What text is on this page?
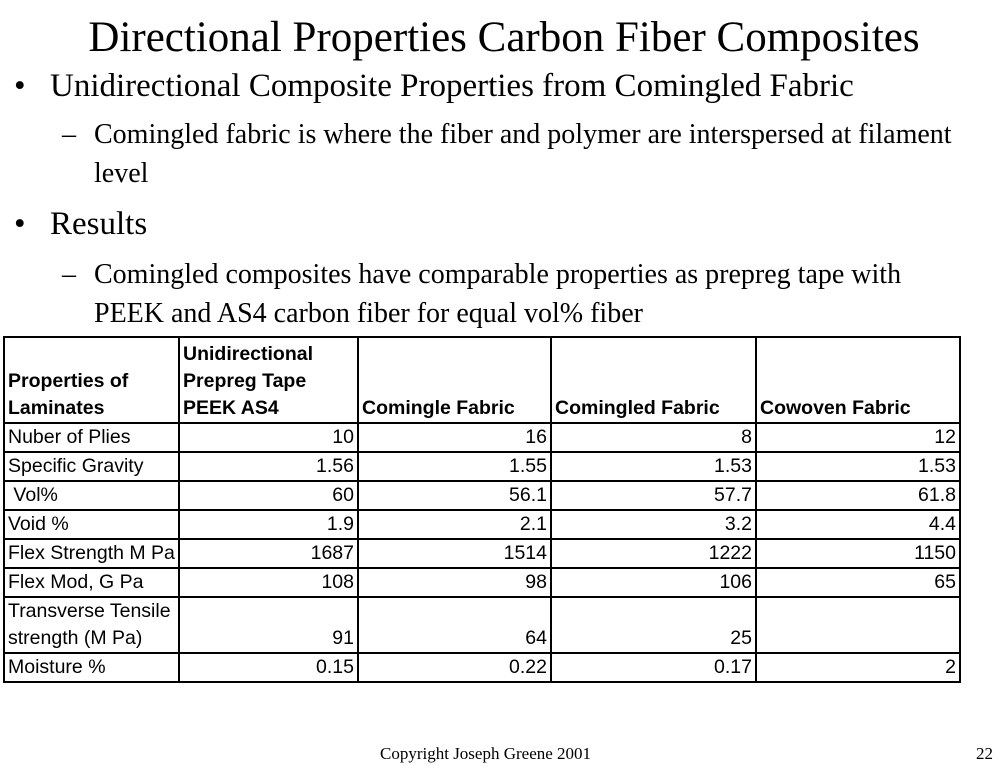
Directional Properties Carbon Fiber Composites
• Unidirectional Composite Properties from Comingled Fabric
– Comingled fabric is where the fiber and polymer are interspersed at filament level
• Results
– Comingled composites have comparable properties as prepreg tape with PEEK and AS4 carbon fiber for equal vol% fiber
Properties of Laminates	Unidirectional Prepreg Tape PEEK AS4	Comingle Fabric	Comingled Fabric	Cowoven Fabric
Nuber of Plies	10	16	8	12
Specific Gravity	1.56	1.55	1.53	1.53
Vol%	60	56.1	57.7	61.8
Void %	1.9	2.1	3.2	4.4
Flex Strength M Pa	1687	1514	1222	1150
Flex Mod, G Pa	108	98	106	65
Transverse Tensile strength (M Pa)	91	64	25	
Moisture %	0.15	0.22	0.17	2
Copyright Joseph Greene 2001	22
